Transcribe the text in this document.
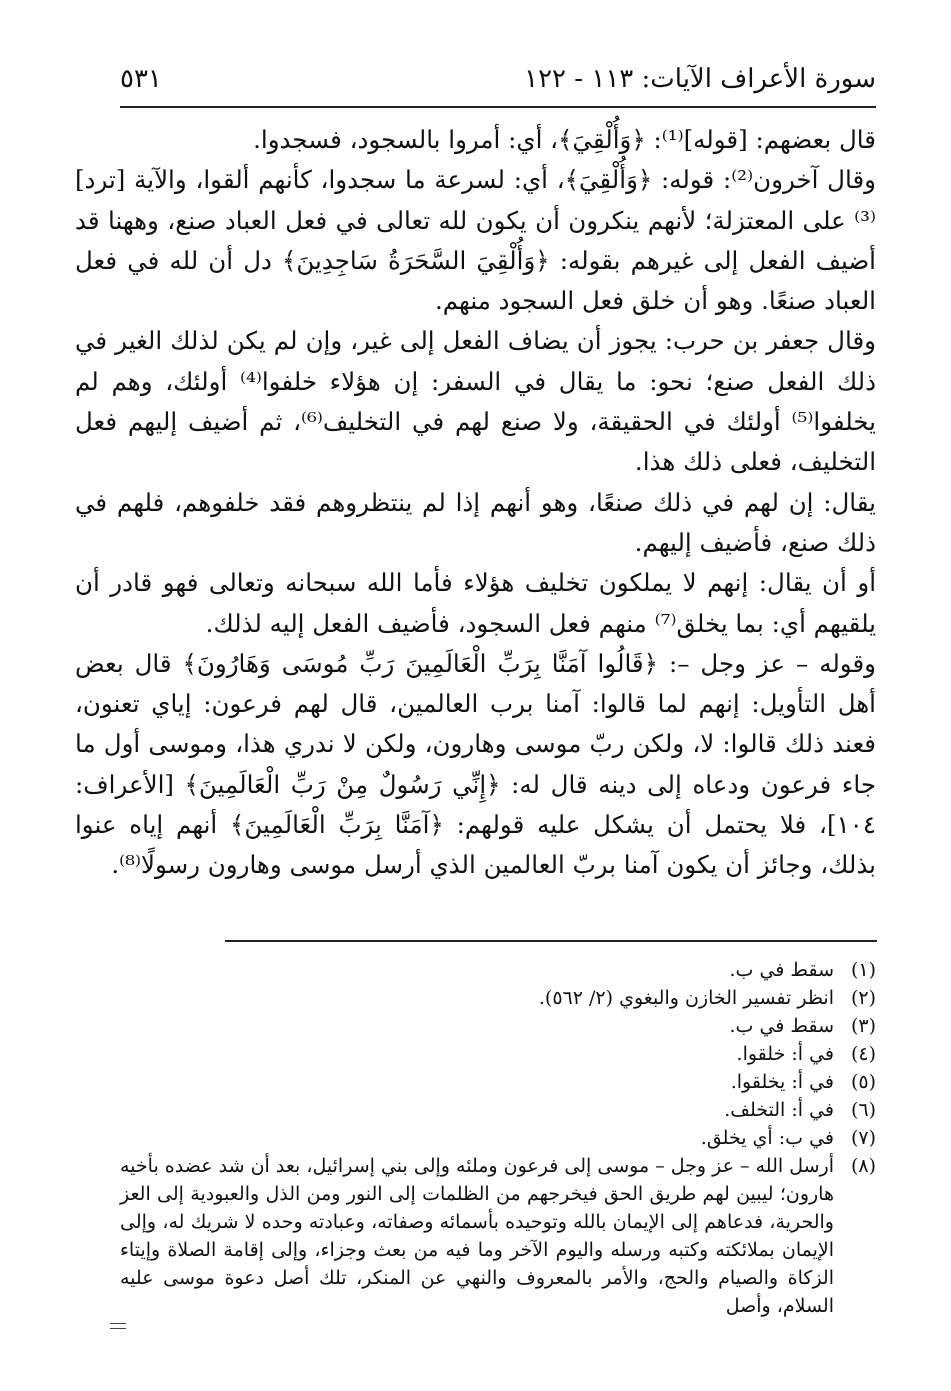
سورة الأعراف الآيات: ١١٣ - ١٢٢
٥٣١

قال بعضهم: [قوله]⁽¹⁾: ﴿وَأُلْقِيَ﴾، أي: أمروا بالسجود، فسجدوا.

وقال آخرون⁽²⁾: قوله: ﴿وَأُلْقِيَ﴾، أي: لسرعة ما سجدوا، كأنهم ألقوا، والآية [ترد]⁽³⁾ على المعتزلة؛ لأنهم ينكرون أن يكون لله تعالى في فعل العباد صنع، وههنا قد أضيف الفعل إلى غيرهم بقوله: ﴿وَأُلْقِيَ السَّحَرَةُ سَاجِدِينَ﴾ دل أن لله في فعل العباد صنعًا. وهو أن خلق فعل السجود منهم.

وقال جعفر بن حرب: يجوز أن يضاف الفعل إلى غير، وإن لم يكن لذلك الغير في ذلك الفعل صنع؛ نحو: ما يقال في السفر: إن هؤلاء خلفوا⁽⁴⁾ أولئك، وهم لم يخلفوا⁽⁵⁾ أولئك في الحقيقة، ولا صنع لهم في التخليف⁽⁶⁾، ثم أضيف إليهم فعل التخليف، فعلى ذلك هذا.

يقال: إن لهم في ذلك صنعًا، وهو أنهم إذا لم ينتظروهم فقد خلفوهم، فلهم في ذلك صنع، فأضيف إليهم.

أو أن يقال: إنهم لا يملكون تخليف هؤلاء فأما الله سبحانه وتعالى فهو قادر أن يلقيهم أي: بما يخلق⁽⁷⁾ منهم فعل السجود، فأضيف الفعل إليه لذلك.

وقوله – عز وجل –: ﴿قَالُوا آمَنَّا بِرَبِّ الْعَالَمِينَ رَبِّ مُوسَى وَهَارُونَ﴾ قال بعض أهل التأويل: إنهم لما قالوا: آمنا برب العالمين، قال لهم فرعون: إياي تعنون، فعند ذلك قالوا: لا، ولكن ربّ موسى وهارون، ولكن لا ندري هذا، وموسى أول ما جاء فرعون ودعاه إلى دينه قال له: ﴿إِنِّي رَسُولٌ مِنْ رَبِّ الْعَالَمِينَ﴾ [الأعراف: ١٠٤]، فلا يحتمل أن يشكل عليه قولهم: ﴿آمَنَّا بِرَبِّ الْعَالَمِينَ﴾ أنهم إياه عنوا بذلك، وجائز أن يكون آمنا بربّ العالمين الذي أرسل موسى وهارون رسولًا⁽⁸⁾.

(١)
سقط في ب.
(٢)
انظر تفسير الخازن والبغوي (٢/ ٥٦٢).
(٣)
سقط في ب.
(٤)
في أ: خلقوا.
(٥)
في أ: يخلقوا.
(٦)
في أ: التخلف.
(٧)
في ب: أي يخلق.
(٨)
أرسل الله – عز وجل – موسى إلى فرعون وملئه وإلى بني إسرائيل، بعد أن شد عضده بأخيه هارون؛ ليبين لهم طريق الحق فيخرجهم من الظلمات إلى النور ومن الذل والعبودية إلى العز والحرية، فدعاهم إلى الإيمان بالله وتوحيده بأسمائه وصفاته، وعبادته وحده لا شريك له، وإلى الإيمان بملائكته وكتبه ورسله واليوم الآخر وما فيه من بعث وجزاء، وإلى إقامة الصلاة وإيتاء الزكاة والصيام والحج، والأمر بالمعروف والنهي عن المنكر، تلك أصل دعوة موسى عليه السلام، وأصل
